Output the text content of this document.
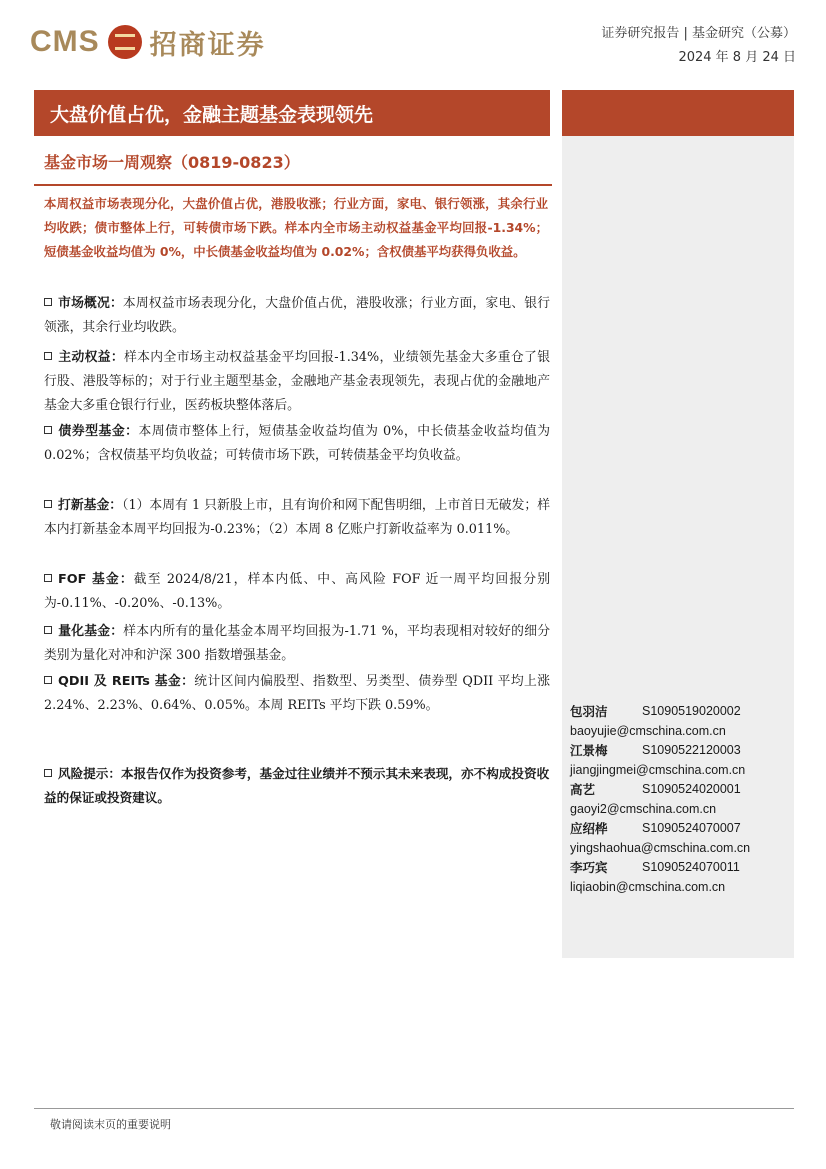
CMS 招商证券	证券研究报告 | 基金研究（公募）
2024 年 8 月 24 日
大盘价值占优，金融主题基金表现领先
基金市场一周观察（0819-0823）
本周权益市场表现分化，大盘价值占优，港股收涨；行业方面，家电、银行领涨，其余行业均收跌；债市整体上行，可转债市场下跌。样本内全市场主动权益基金平均回报-1.34%；短债基金收益均值为 0%，中长债基金收益均值为 0.02%；含权债基平均获得负收益。
市场概况：本周权益市场表现分化，大盘价值占优，港股收涨；行业方面，家电、银行领涨，其余行业均收跌。
主动权益：样本内全市场主动权益基金平均回报-1.34%，业绩领先基金大多重仓了银行股、港股等标的；对于行业主题型基金，金融地产基金表现领先，表现占优的金融地产基金大多重仓银行行业，医药板块整体落后。
债券型基金：本周债市整体上行，短债基金收益均值为 0%，中长债基金收益均值为 0.02%；含权债基平均负收益；可转债市场下跌，可转债基金平均负收益。
打新基金：（1）本周有 1 只新股上市，且有询价和网下配售明细，上市首日无破发；样本内打新基金本周平均回报为-0.23%；（2）本周 8 亿账户打新收益率为 0.011%。
FOF 基金：截至 2024/8/21，样本内低、中、高风险 FOF 近一周平均回报分别为-0.11%、-0.20%、-0.13%。
量化基金：样本内所有的量化基金本周平均回报为-1.71 %，平均表现相对较好的细分类别为量化对冲和沪深 300 指数增强基金。
QDII 及 REITs 基金：统计区间内偏股型、指数型、另类型、债券型 QDII 平均上涨 2.24%、2.23%、0.64%、0.05%。本周 REITs 平均下跌 0.59%。
风险提示：本报告仅作为投资参考，基金过往业绩并不预示其未来表现，亦不构成投资收益的保证或投资建议。
包羽洁	S1090519020002
baoyujie@cmschina.com.cn
江景梅	S1090522120003
jiangjingmei@cmschina.com.cn
高艺	S1090524020001
gaoyi2@cmschina.com.cn
应绍桦	S1090524070007
yingshaohua@cmschina.com.cn
李巧宾	S1090524070011
liqiaobin@cmschina.com.cn
敬请阅读末页的重要说明
